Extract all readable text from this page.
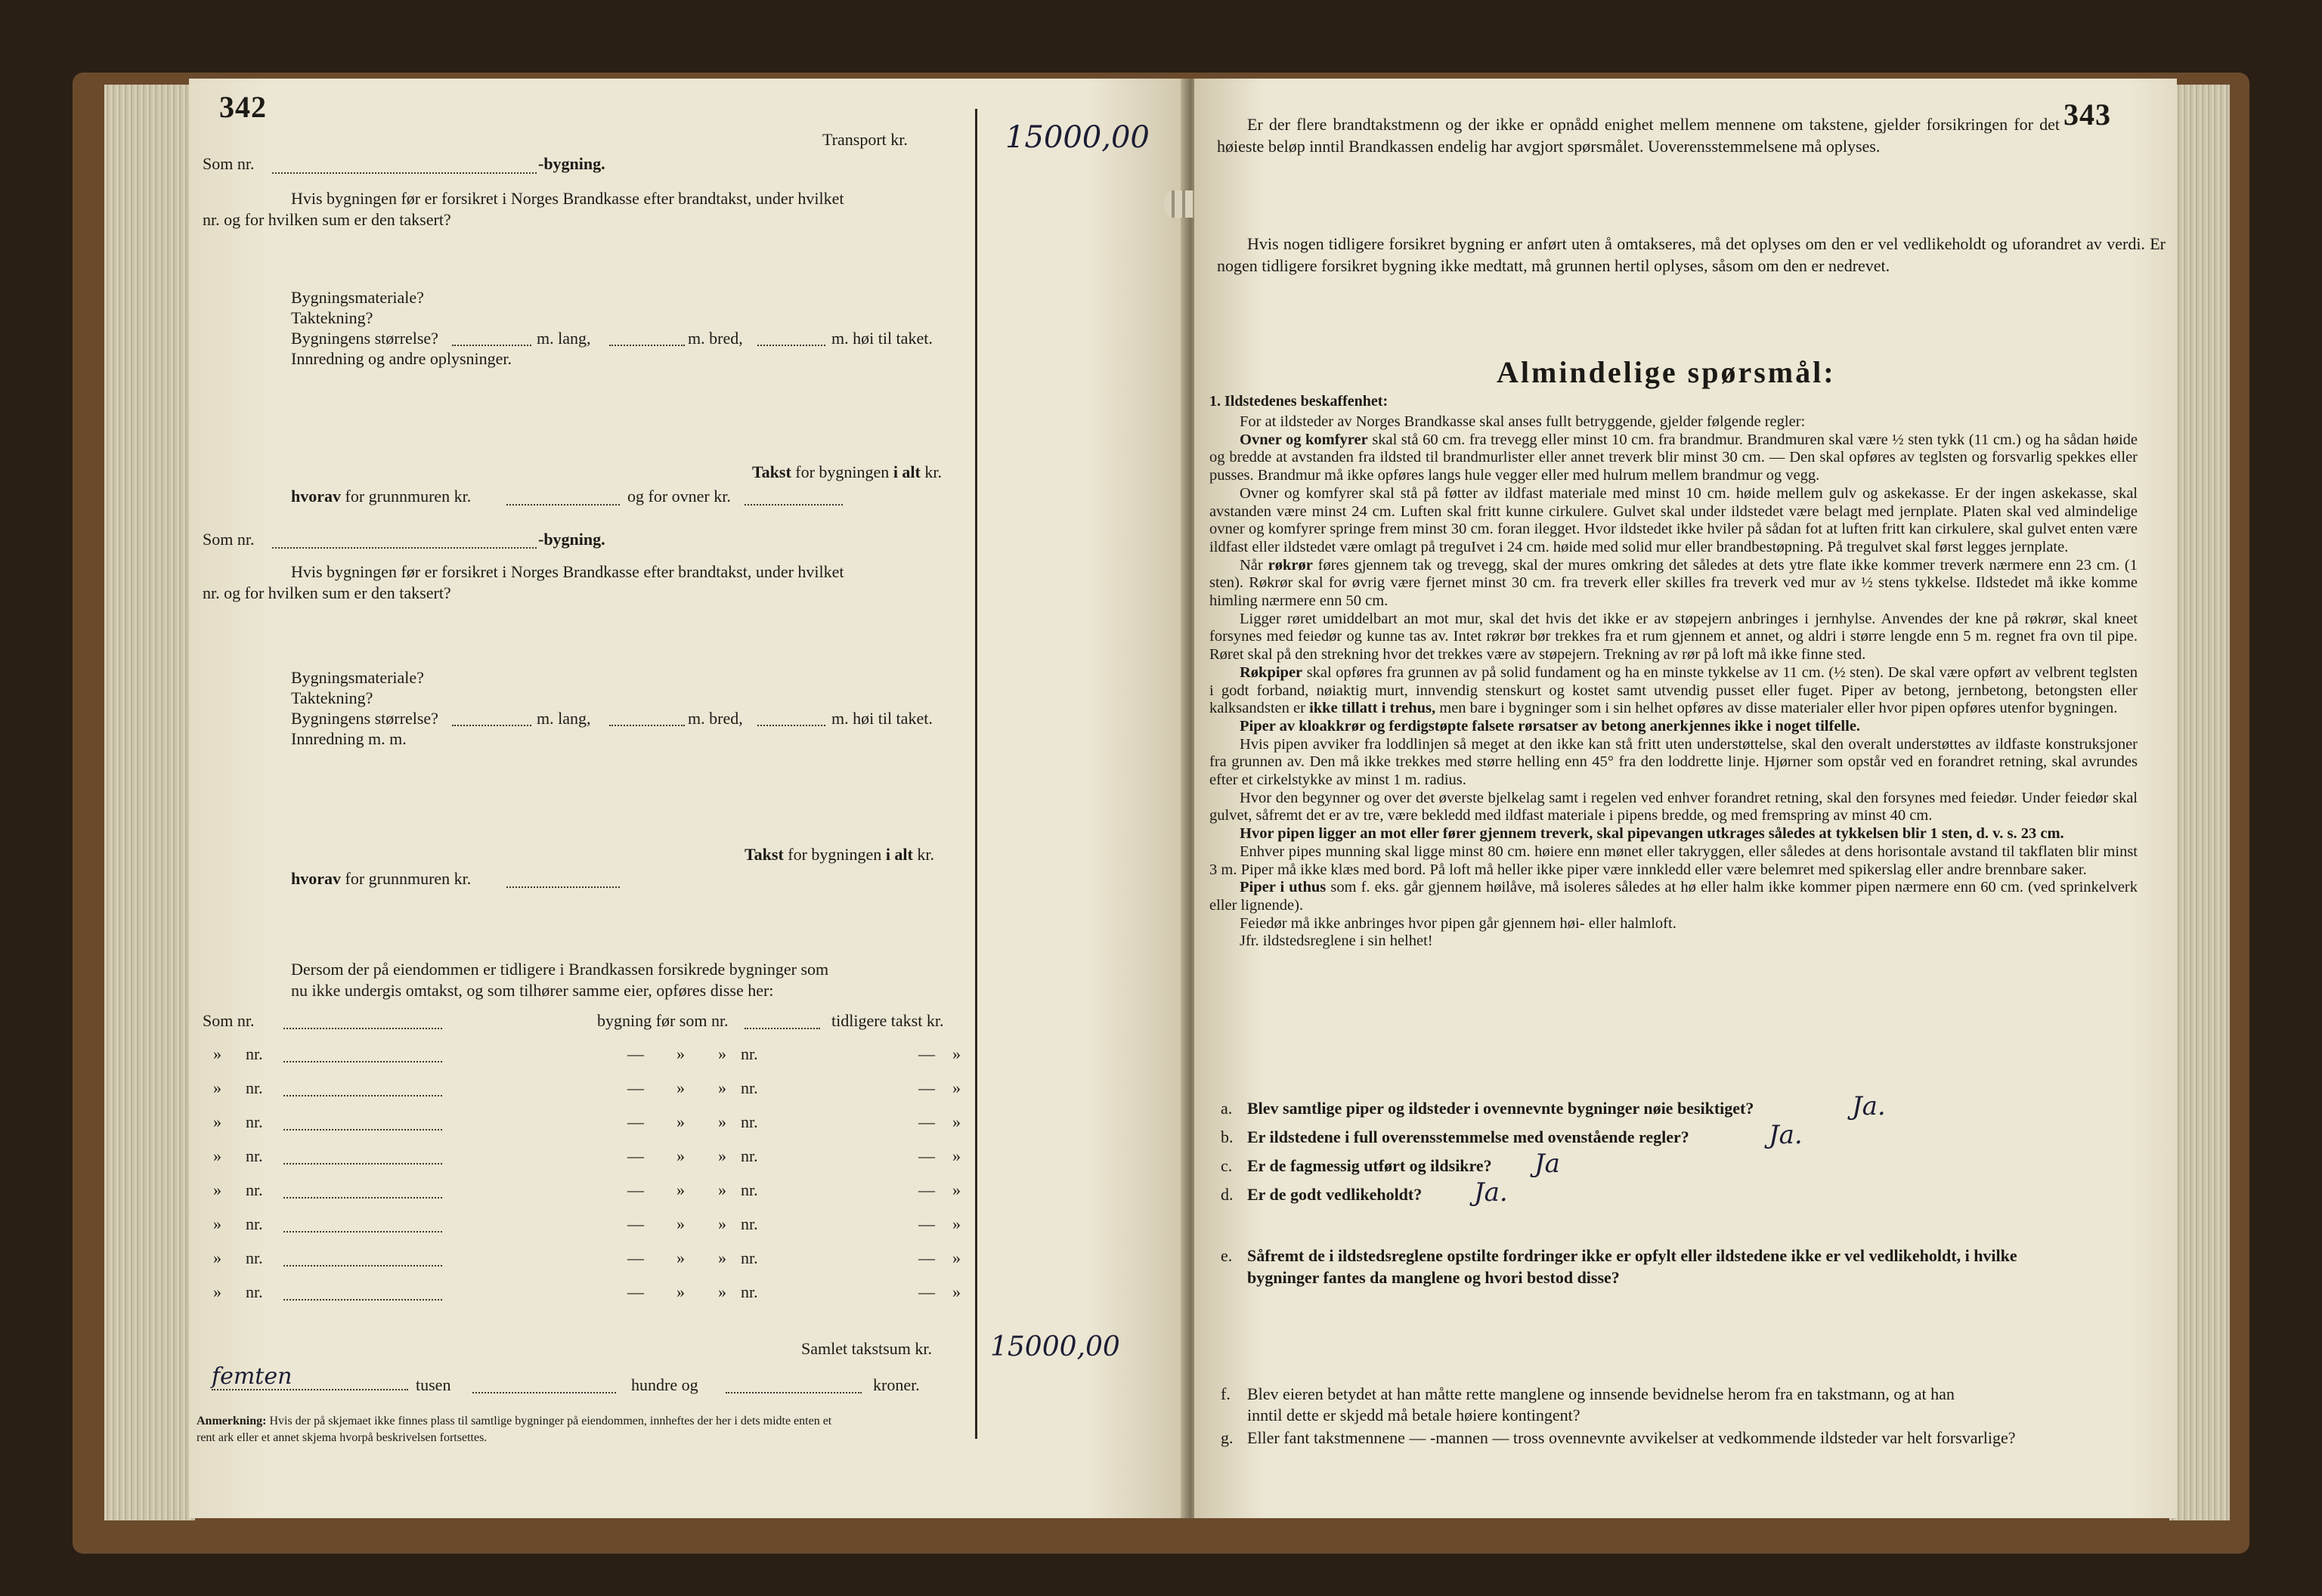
342
Transport kr.	15000,00
Som nr.	-bygning.
Hvis bygningen før er forsikret i Norges Brandkasse efter brandtakst, under hvilket
nr. og for hvilken sum er den taksert?
Bygningsmateriale?
Taktekning?
Bygningens størrelse?	m. lang,	m. bred,	m. høi til taket.
Innredning og andre oplysninger.
Takst for bygningen i alt kr.
hvorav for grunnmuren kr.	og for ovner kr.
Som nr.	-bygning.
Hvis bygningen før er forsikret i Norges Brandkasse efter brandtakst, under hvilket
nr. og for hvilken sum er den taksert?
Bygningsmateriale?
Taktekning?
Bygningens størrelse?	m. lang,	m. bred,	m. høi til taket.
Innredning m. m.
Takst for bygningen i alt kr.
hvorav for grunnmuren kr.
Dersom der på eiendommen er tidligere i Brandkassen forsikrede bygninger som
nu ikke undergis omtakst, og som tilhører samme eier, opføres disse her:
Som nr.	bygning før som nr.	tidligere takst kr.
» nr.	— » » nr.	— »
» nr.	— » » nr.	— »
» nr.	— » » nr.	— »
» nr.	— » » nr.	— »
» nr.	— » » nr.	— »
» nr.	— » » nr.	— »
» nr.	— » » nr.	— »
» nr.	— » » nr.	— »
Samlet takstsum kr. 15000,00
femten	tusen	hundre og	kroner.
Anmerkning: Hvis der på skjemaet ikke finnes plass til samtlige bygninger på eiendommen, innheftes der her i dets midte enten et
rent ark eller et annet skjema hvorpå beskrivelsen fortsettes.
343

Er der flere brandtakstmenn og der ikke er opnådd enighet mellem mennene om takstene, gjelder forsikringen for det høieste beløp inntil Brandkassen endelig har avgjort spørsmålet. Uoverensstemmelsene må oplyses.

Hvis nogen tidligere forsikret bygning er anført uten å omtakseres, må det oplyses om den er vel vedlikeholdt og uforandret av verdi. Er nogen tidligere forsikret bygning ikke medtatt, må grunnen hertil oplyses, såsom om den er nedrevet.

Almindelige spørsmål:
1. Ildstedenes beskaffenhet:

For at ildsteder av Norges Brandkasse skal anses fullt betryggende, gjelder følgende regler:

Ovner og komfyrer skal stå 60 cm. fra trevegg eller minst 10 cm. fra brandmur. Brandmuren skal være ½ sten tykk (11 cm.) og ha sådan høide og bredde at avstanden fra ildsted til brandmurlister eller annet treverk blir minst 30 cm. — Den skal opføres av teglsten og forsvarlig spekkes eller pusses. Brandmur må ikke opføres langs hule vegger eller med hulrum mellem brandmur og vegg.

Ovner og komfyrer skal stå på føtter av ildfast materiale med minst 10 cm. høide mellem gulv og askekasse. Er der ingen askekasse, skal avstanden være minst 24 cm. Luften skal fritt kunne cirkulere. Gulvet skal under ildstedet være belagt med jernplate. Platen skal ved almindelige ovner og komfyrer springe frem minst 30 cm. foran ilegget. Hvor ildstedet ikke hviler på sådan fot at luften fritt kan cirkulere, skal gulvet enten være ildfast eller ildstedet være omlagt på treguIvet i 24 cm. høide med solid mur eller brandbestøpning. På tregulvet skal først legges jernplate.

Når røkrør føres gjennem tak og trevegg, skal der mures omkring det således at dets ytre flate ikke kommer treverk nærmere enn 23 cm. (1 sten). Røkrør skal for øvrig være fjernet minst 30 cm. fra treverk eller skilles fra treverk ved mur av ½ stens tykkelse. Ildstedet må ikke komme himling nærmere enn 50 cm.

Ligger røret umiddelbart an mot mur, skal det hvis det ikke er av støpejern anbringes i jernhylse. Anvendes der kne på røkrør, skal kneet forsynes med feiedør og kunne tas av. Intet røkrør bør trekkes fra et rum gjennem et annet, og aldri i større lengde enn 5 m. regnet fra ovn til pipe. Røret skal på den strekning hvor det trekkes være av støpejern. Trekning av rør på loft må ikke finne sted.

Røkpiper skal opføres fra grunnen av på solid fundament og ha en minste tykkelse av 11 cm. (½ sten). De skal være opført av velbrent teglsten i godt forband, nøiaktig murt, innvendig stenskurt og kostet samt utvendig pusset eller fuget. Piper av betong, jernbetong, betongsten eller kalksandsten er ikke tillatt i trehus, men bare i bygninger som i sin helhet opføres av disse materialer eller hvor pipen opføres utenfor bygningen.

Piper av kloakkrør og ferdigstøpte falsete rørsatser av betong anerkjennes ikke i noget tilfelle.

Hvis pipen avviker fra loddlinjen så meget at den ikke kan stå fritt uten understøttelse, skal den overalt understøttes av ildfaste konstruksjoner fra grunnen av. Den må ikke trekkes med større helling enn 45° fra den loddrette linje. Hjørner som opstår ved en forandret retning, skal avrundes efter et cirkelstykke av minst 1 m. radius.

Hvor den begynner og over det øverste bjelkelag samt i regelen ved enhver forandret retning, skal den forsynes med feiedør. Under feiedør skal gulvet, såfremt det er av tre, være bekledd med ildfast materiale i pipens bredde, og med fremspring av minst 40 cm.

Hvor pipen ligger an mot eller fører gjennem treverk, skal pipevangen utkrages således at tykkelsen blir 1 sten, d. v. s. 23 cm.

Enhver pipes munning skal ligge minst 80 cm. høiere enn mønet eller takryggen, eller således at dens horisontale avstand til takflaten blir minst 3 m. Piper må ikke klæs med bord. På loft må heller ikke piper være innkledd eller være belemret med spikerslag eller andre brennbare saker.

Piper i uthus som f. eks. går gjennem høilåve, må isoleres således at hø eller halm ikke kommer pipen nærmere enn 60 cm. (ved sprinkelverk eller lignende).

Feiedør må ikke anbringes hvor pipen går gjennem høi- eller halmloft.

Jfr. ildstedsreglene i sin helhet!

a. Blev samtlige piper og ildsteder i ovennevnte bygninger nøie besiktiget?	Ja.
b. Er ildstedene i full overensstemmelse med ovenstående regler?	Ja.
c. Er de fagmessig utført og ildsikre? Ja
d. Er de godt vedlikeholdt? Ja.
e. Såfremt de i ildstedsreglene opstilte fordringer ikke er opfylt eller ildstedene ikke er vel vedlikeholdt, i hvilke
bygninger fantes da manglene og hvori bestod disse?
f. Blev eieren betydet at han måtte rette manglene og innsende bevidnelse herom fra en takstmann, og at han
inntil dette er skjedd må betale høiere kontingent?
g. Eller fant takstmennene — -mannen — tross ovennevnte avvikelser at vedkommende ildsteder var helt forsvarlige?
